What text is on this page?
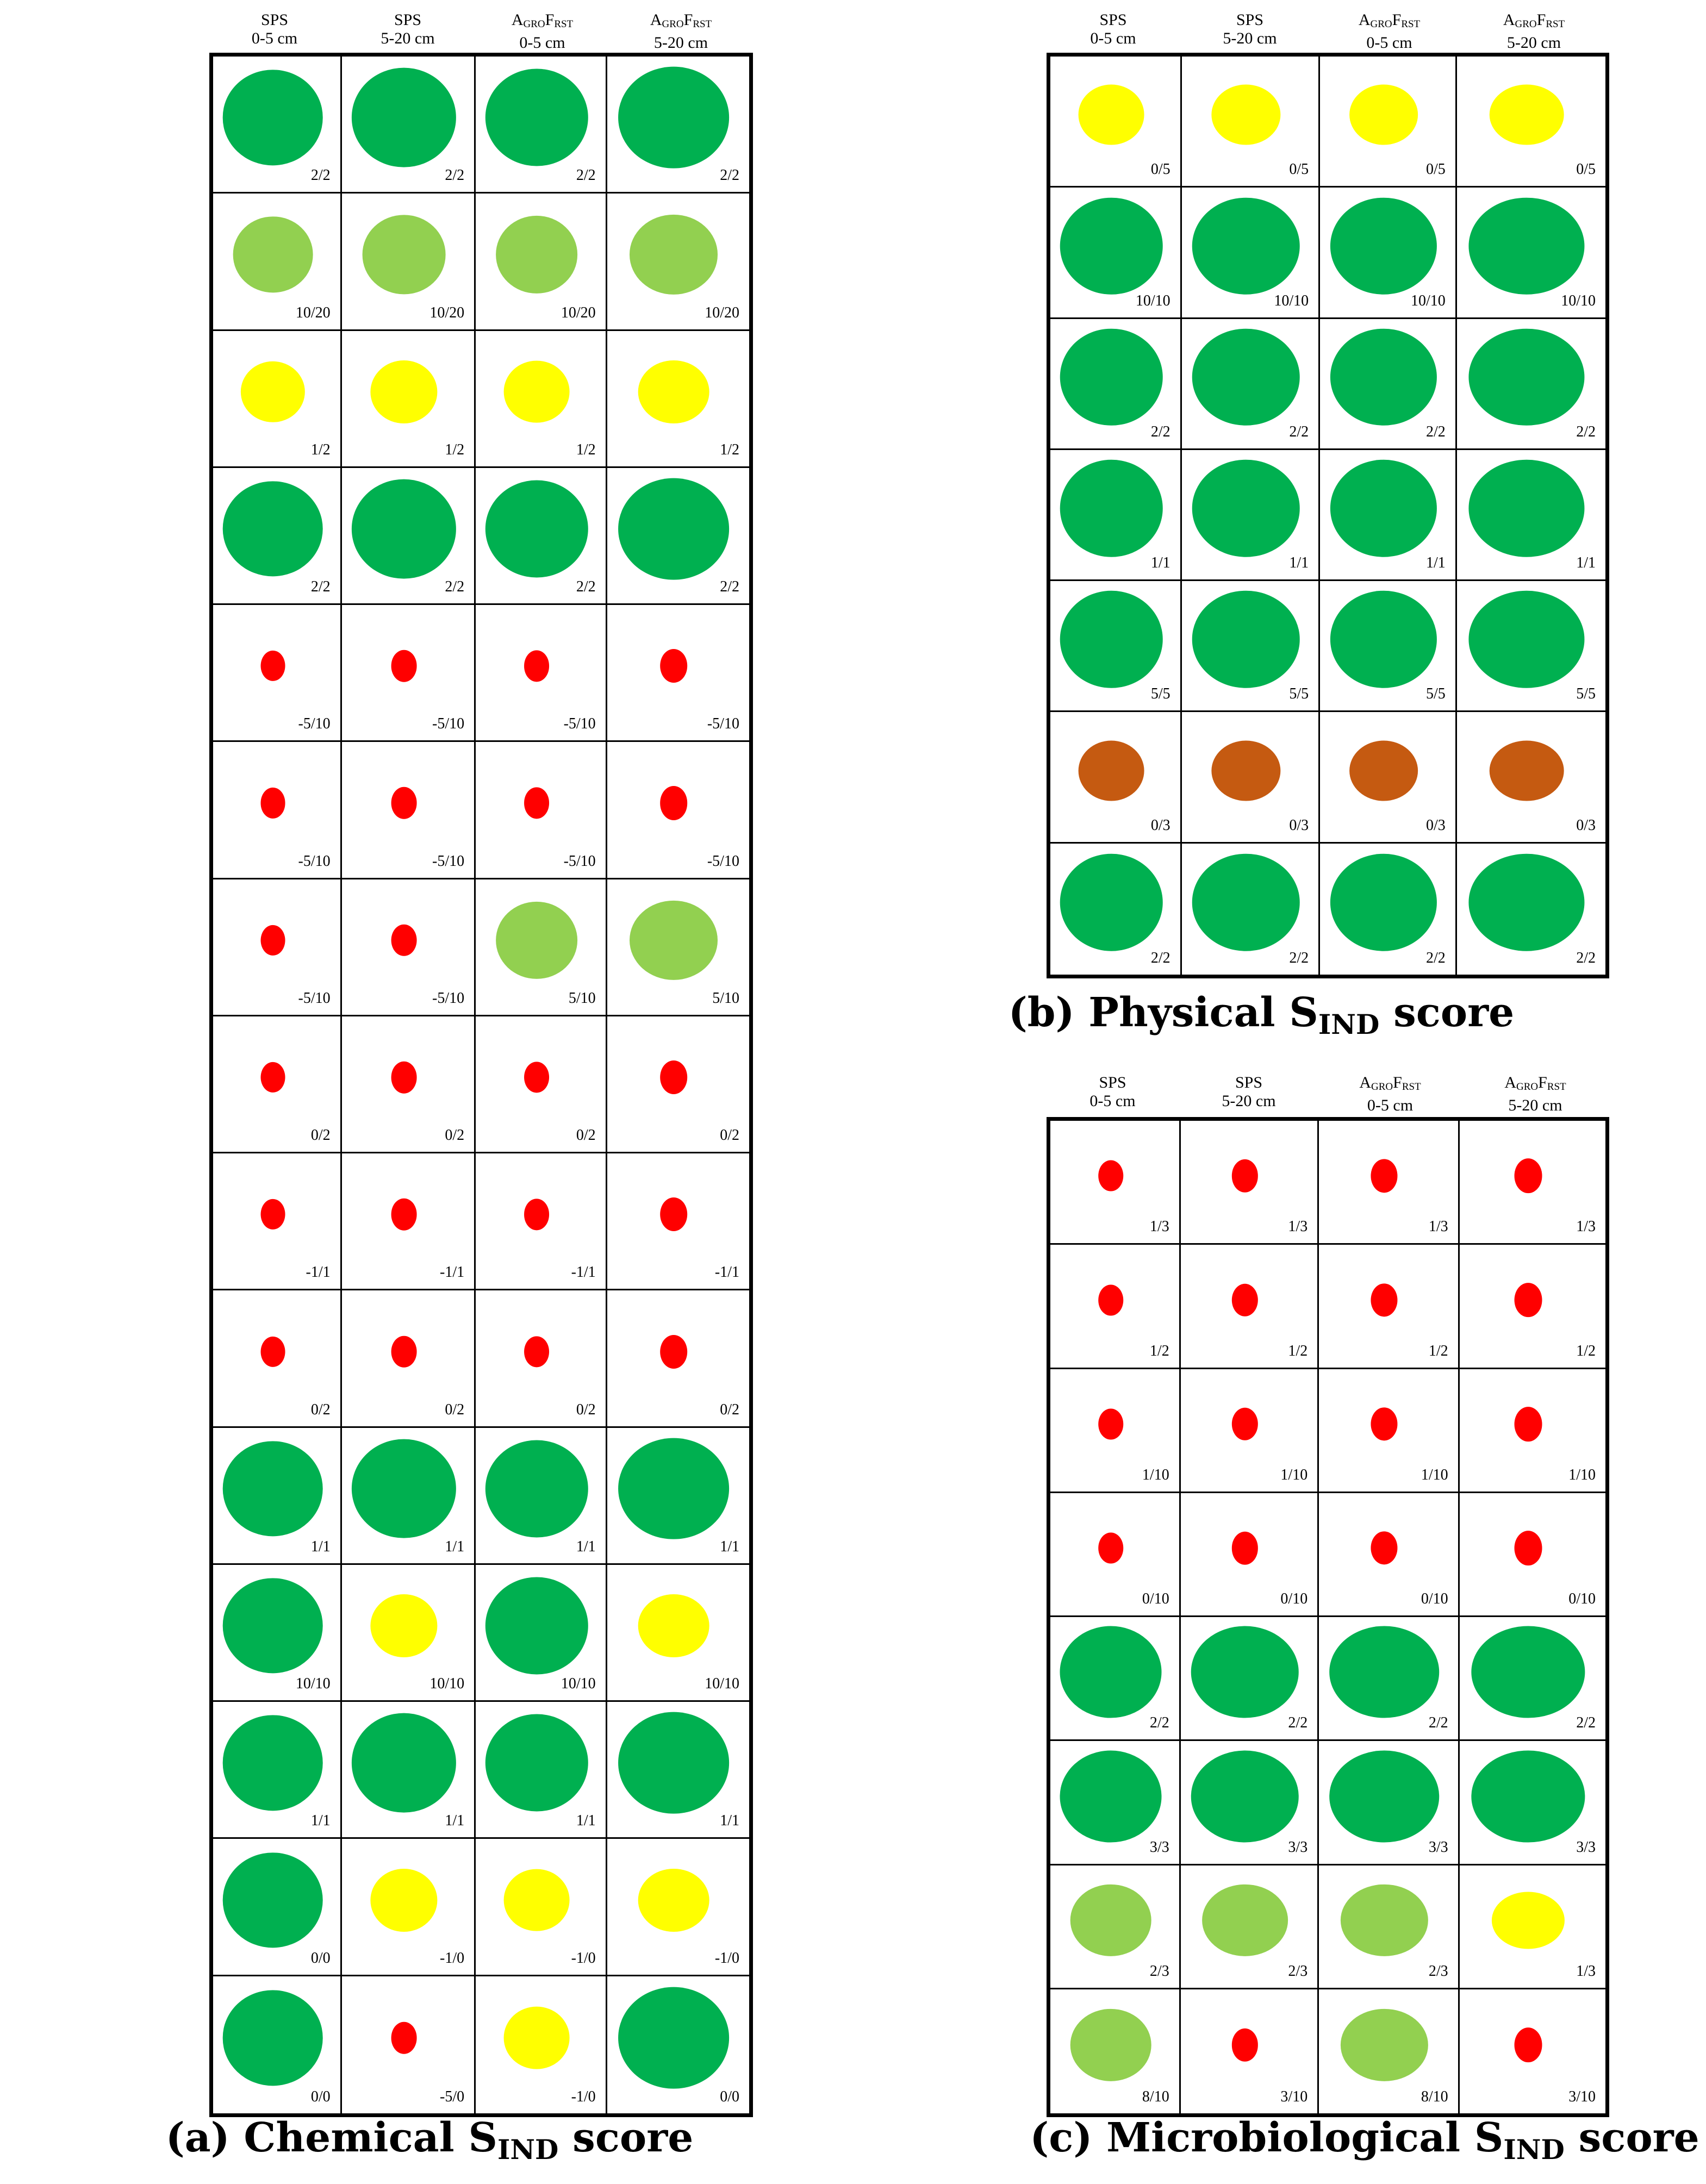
SPS
0-5 cm
SPS
5-20 cm
$A_{GRO}F_{RST}$
0-5 cm
$A_{GRO}F_{RST}$
5-20 cm
2/2	2/2	2/2	2/2
10/20	10/20	10/20	10/20
1/2	1/2	1/2	1/2
2/2	2/2	2/2	2/2
-5/10	-5/10	-5/10	-5/10
-5/10	-5/10	-5/10	-5/10
-5/10	-5/10	5/10	5/10
0/2	0/2	0/2	0/2
-1/1	-1/1	-1/1	-1/1
0/2	0/2	0/2	0/2
1/1	1/1	1/1	1/1
10/10	10/10	10/10	10/10
1/1	1/1	1/1	1/1
0/0	-1/0	-1/0	-1/0
0/0	-5/0	-1/0	0/0
(a) Chemical $S_{IND}$ score
SPS
0-5 cm
SPS
5-20 cm
$A_{GRO}F_{RST}$
0-5 cm
$A_{GRO}F_{RST}$
5-20 cm
0/5	0/5	0/5	0/5
10/10	10/10	10/10	10/10
2/2	2/2	2/2	2/2
1/1	1/1	1/1	1/1
5/5	5/5	5/5	5/5
0/3	0/3	0/3	0/3
2/2	2/2	2/2	2/2
(b) Physical $S_{IND}$ score
SPS
0-5 cm
SPS
5-20 cm
$A_{GRO}F_{RST}$
0-5 cm
$A_{GRO}F_{RST}$
5-20 cm
1/3	1/3	1/3	1/3
1/2	1/2	1/2	1/2
1/10	1/10	1/10	1/10
0/10	0/10	0/10	0/10
2/2	2/2	2/2	2/2
3/3	3/3	3/3	3/3
2/3	2/3	2/3	1/3
8/10	3/10	8/10	3/10
(c) Microbiological $S_{IND}$ score
